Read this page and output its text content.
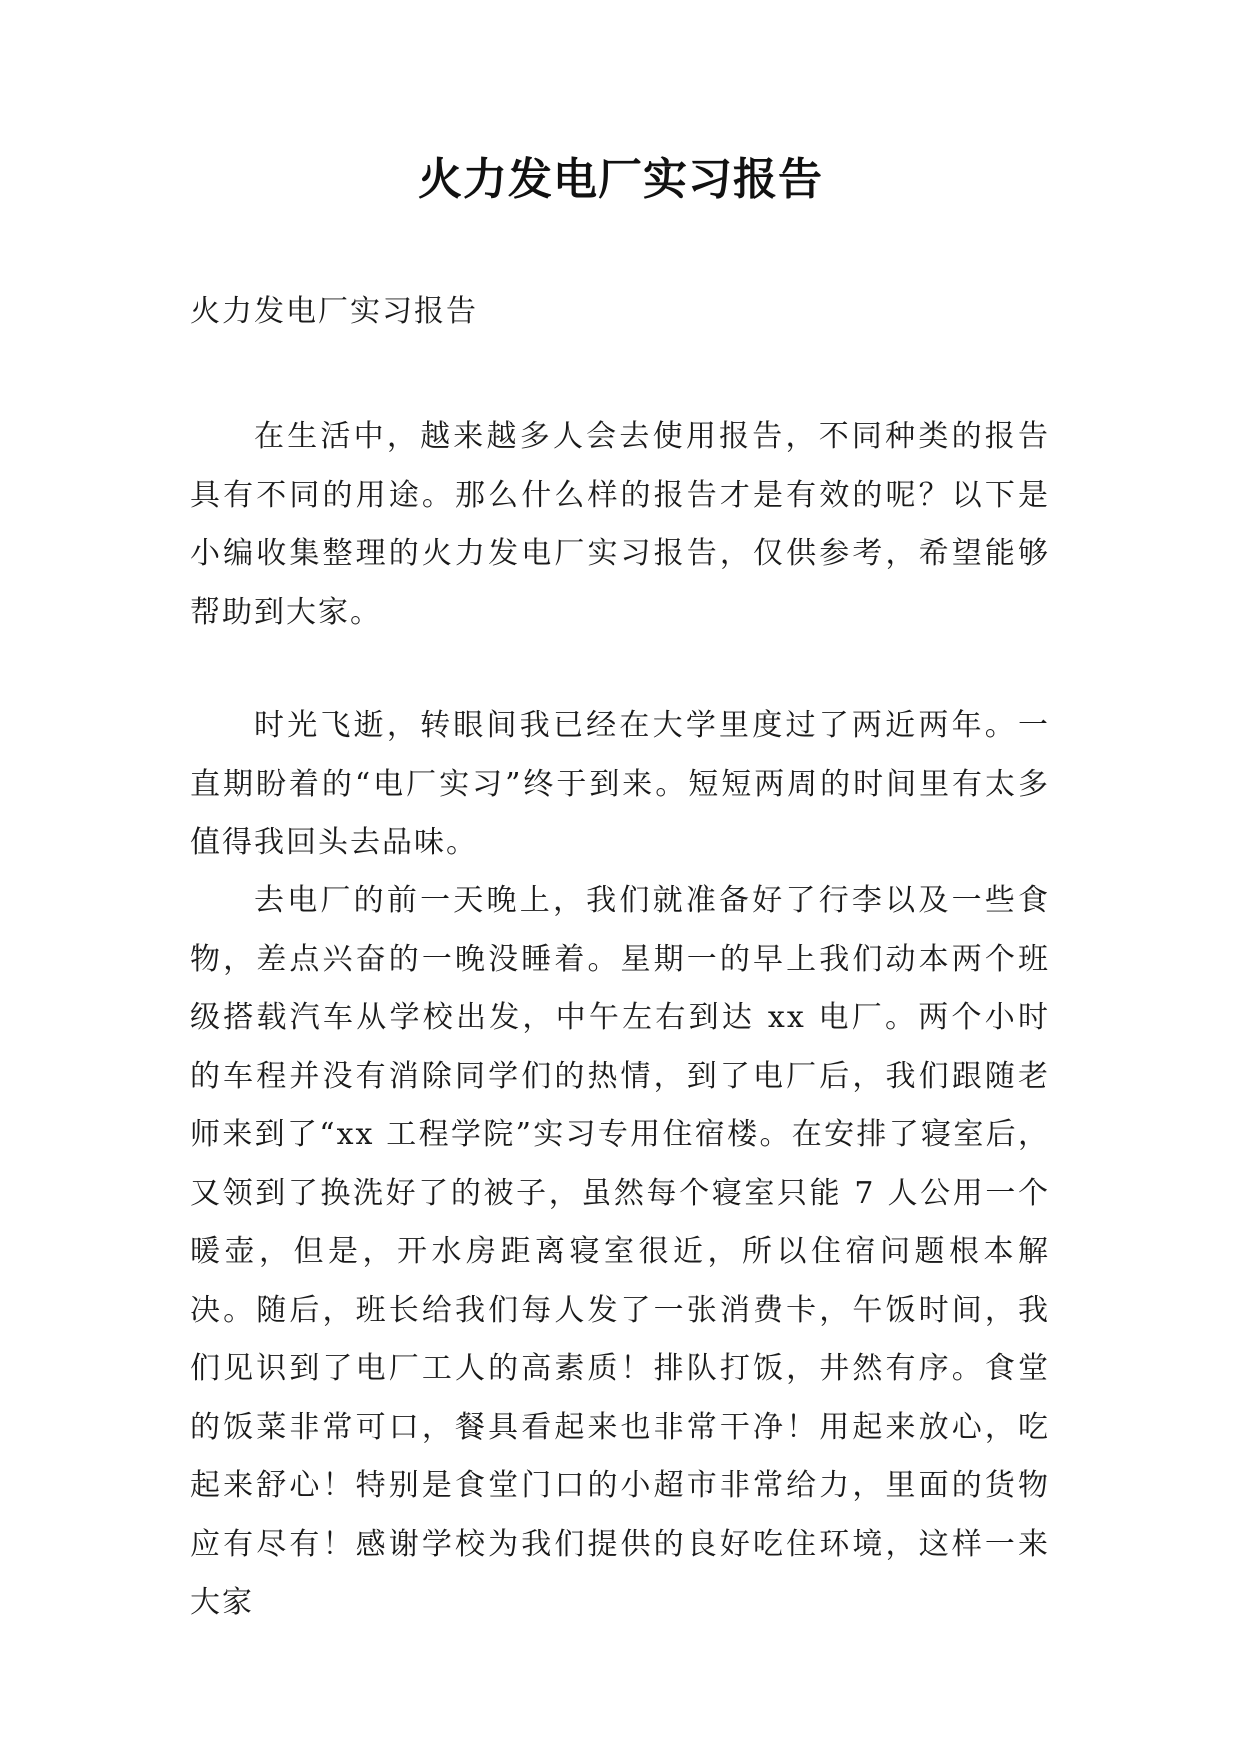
火力发电厂实习报告
火力发电厂实习报告

在生活中，越来越多人会去使用报告，不同种类的报告具有不同的用途。那么什么样的报告才是有效的呢？以下是小编收集整理的火力发电厂实习报告，仅供参考，希望能够帮助到大家。

时光飞逝，转眼间我已经在大学里度过了两近两年。一直期盼着的“电厂实习”终于到来。短短两周的时间里有太多值得我回头去品味。

去电厂的前一天晚上，我们就准备好了行李以及一些食物，差点兴奋的一晚没睡着。星期一的早上我们动本两个班级搭载汽车从学校出发，中午左右到达 xx 电厂。两个小时的车程并没有消除同学们的热情，到了电厂后，我们跟随老师来到了“xx 工程学院”实习专用住宿楼。在安排了寝室后，又领到了换洗好了的被子，虽然每个寝室只能 7 人公用一个暖壶，但是，开水房距离寝室很近，所以住宿问题根本解决。随后，班长给我们每人发了一张消费卡，午饭时间，我们见识到了电厂工人的高素质！排队打饭，井然有序。食堂的饭菜非常可口，餐具看起来也非常干净！用起来放心，吃起来舒心！特别是食堂门口的小超市非常给力，里面的货物应有尽有！感谢学校为我们提供的良好吃住环境，这样一来大家
